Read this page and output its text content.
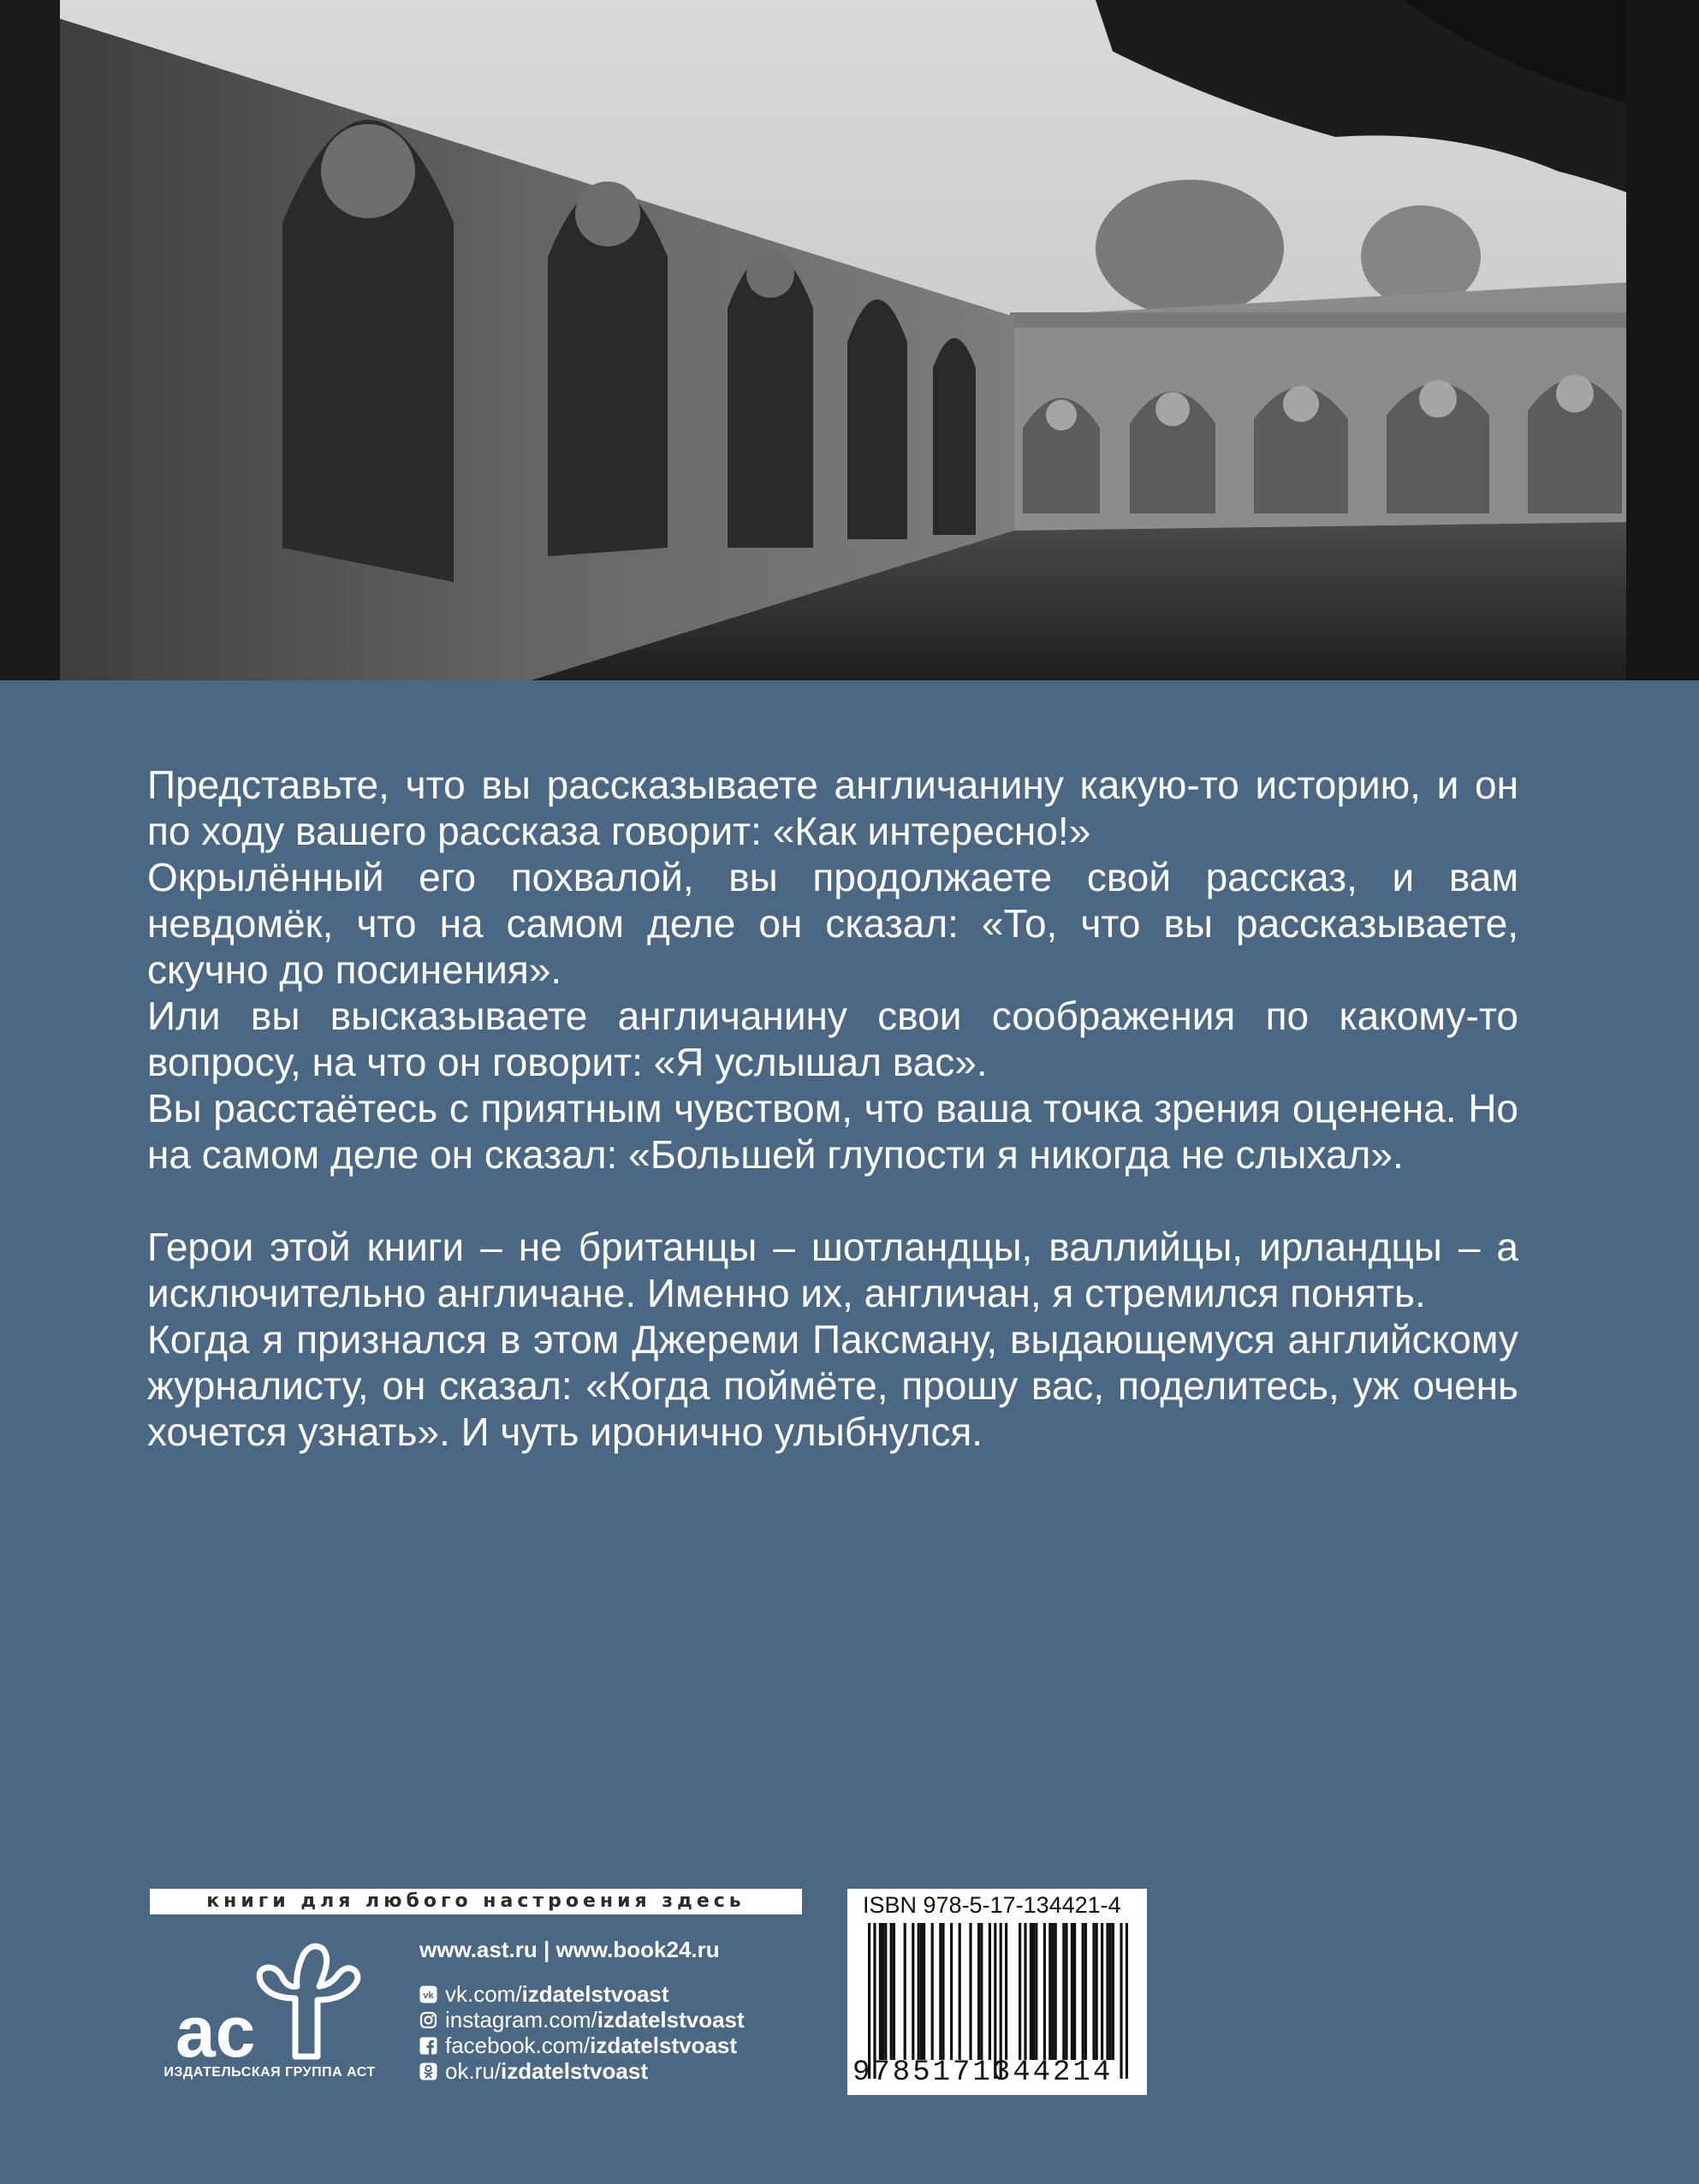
Представьте, что вы рассказываете англичанину какую-то историю, и он по ходу вашего рассказа говорит: «Как интересно!»

Окрылённый его похвалой, вы продолжаете свой рассказ, и вам невдомёк, что на самом деле он сказал: «То, что вы рассказываете, скучно до посинения».

Или вы высказываете англичанину свои соображения по какому-то вопросу, на что он говорит: «Я услышал вас».

Вы расстаётесь с приятным чувством, что ваша точка зрения оценена. Но на самом деле он сказал: «Большей глупости я никогда не слыхал».

Герои этой книги – не британцы – шотландцы, валлийцы, ирландцы – а исключительно англичане. Именно их, англичан, я стремился понять.

Когда я признался в этом Джереми Паксману, выдающемуся английскому журналисту, он сказал: «Когда поймёте, прошу вас, поделитесь, уж очень хочется узнать». И чуть иронично улыбнулся.

книги для любого настроения здесь
ас
ИЗДАТЕЛЬСКАЯ ГРУППА АСТ
www.ast.ru | www.book24.ru
vk vk.com/izdatelstvoast
instagram.com/izdatelstvoast
facebook.com/izdatelstvoast
ok.ru/izdatelstvoast
ISBN 978-5-17-134421-4
9785171344214
